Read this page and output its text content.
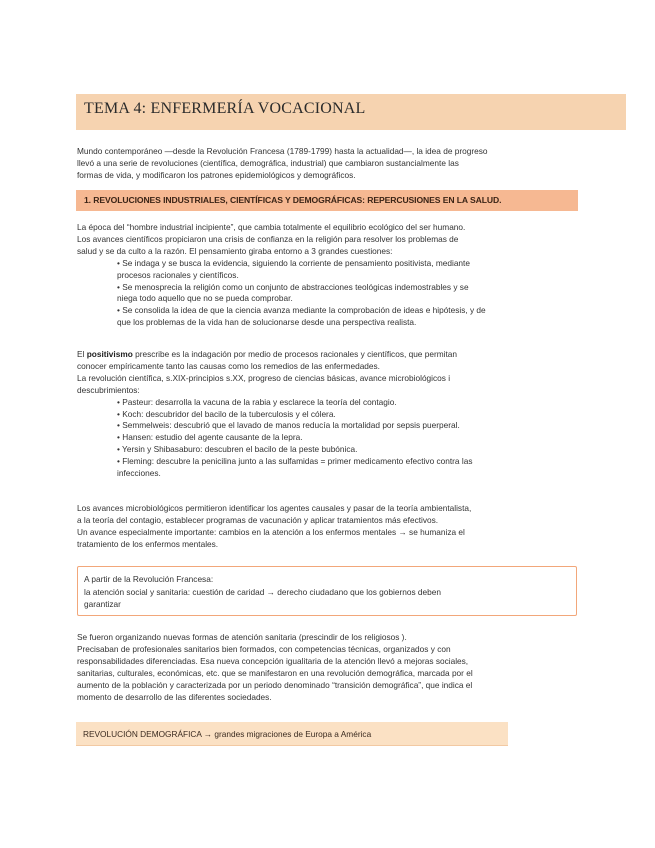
TEMA 4: ENFERMERÍA VOCACIONAL

Mundo contemporáneo —desde la Revolución Francesa (1789-1799) hasta la actualidad—, la idea de progreso

llevó a una serie de revoluciones (científica, demográfica, industrial) que cambiaron sustancialmente las

formas de vida, y modificaron los patrones epidemiológicos y demográficos.

1. REVOLUCIONES INDUSTRIALES, CIENTÍFICAS Y DEMOGRÁFICAS: REPERCUSIONES EN LA SALUD.

La época del “hombre industrial incipiente”, que cambia totalmente el equilibrio ecológico del ser humano.

Los avances científicos propiciaron una crisis de confianza en la religión para resolver los problemas de

salud y se da culto a la razón. El pensamiento giraba entorno a 3 grandes cuestiones:

• Se indaga y se busca la evidencia, siguiendo la corriente de pensamiento positivista, mediante

procesos racionales y científicos.

• Se menosprecia la religión como un conjunto de abstracciones teológicas indemostrables y se

niega todo aquello que no se pueda comprobar.

• Se consolida la idea de que la ciencia avanza mediante la comprobación de ideas e hipótesis, y de

que los problemas de la vida han de solucionarse desde una perspectiva realista.

El positivismo prescribe es la indagación por medio de procesos racionales y científicos, que permitan

conocer empíricamente tanto las causas como los remedios de las enfermedades.

La revolución científica, s.XIX-principios s.XX, progreso de ciencias básicas, avance microbiológicos i

descubrimientos:

• Pasteur: desarrolla la vacuna de la rabia y esclarece la teoría del contagio.

• Koch: descubridor del bacilo de la tuberculosis y el cólera.

• Semmelweis: descubrió que el lavado de manos reducía la mortalidad por sepsis puerperal.

• Hansen: estudio del agente causante de la lepra.

• Yersin y Shibasaburo: descubren el bacilo de la peste bubónica.

• Fleming: descubre la penicilina junto a las sulfamidas = primer medicamento efectivo contra las

infecciones.

Los avances microbiológicos permitieron identificar los agentes causales y pasar de la teoría ambientalista,

a la teoría del contagio, establecer programas de vacunación y aplicar tratamientos más efectivos.

Un avance especialmente importante: cambios en la atención a los enfermos mentales → se humaniza el

tratamiento de los enfermos mentales.

A partir de la Revolución Francesa:
la atención social y sanitaria: cuestión de caridad → derecho ciudadano que los gobiernos deben
garantizar

Se fueron organizando nuevas formas de atención sanitaria (prescindir de los religiosos ).

Precisaban de profesionales sanitarios bien formados, con competencias técnicas, organizados y con

responsabilidades diferenciadas. Esa nueva concepción igualitaria de la atención llevó a mejoras sociales,

sanitarias, culturales, económicas, etc. que se manifestaron en una revolución demográfica, marcada por el

aumento de la población y caracterizada por un periodo denominado “transición demográfica”, que indica el

momento de desarrollo de las diferentes sociedades.

REVOLUCIÓN DEMOGRÁFICA → grandes migraciones de Europa a América
